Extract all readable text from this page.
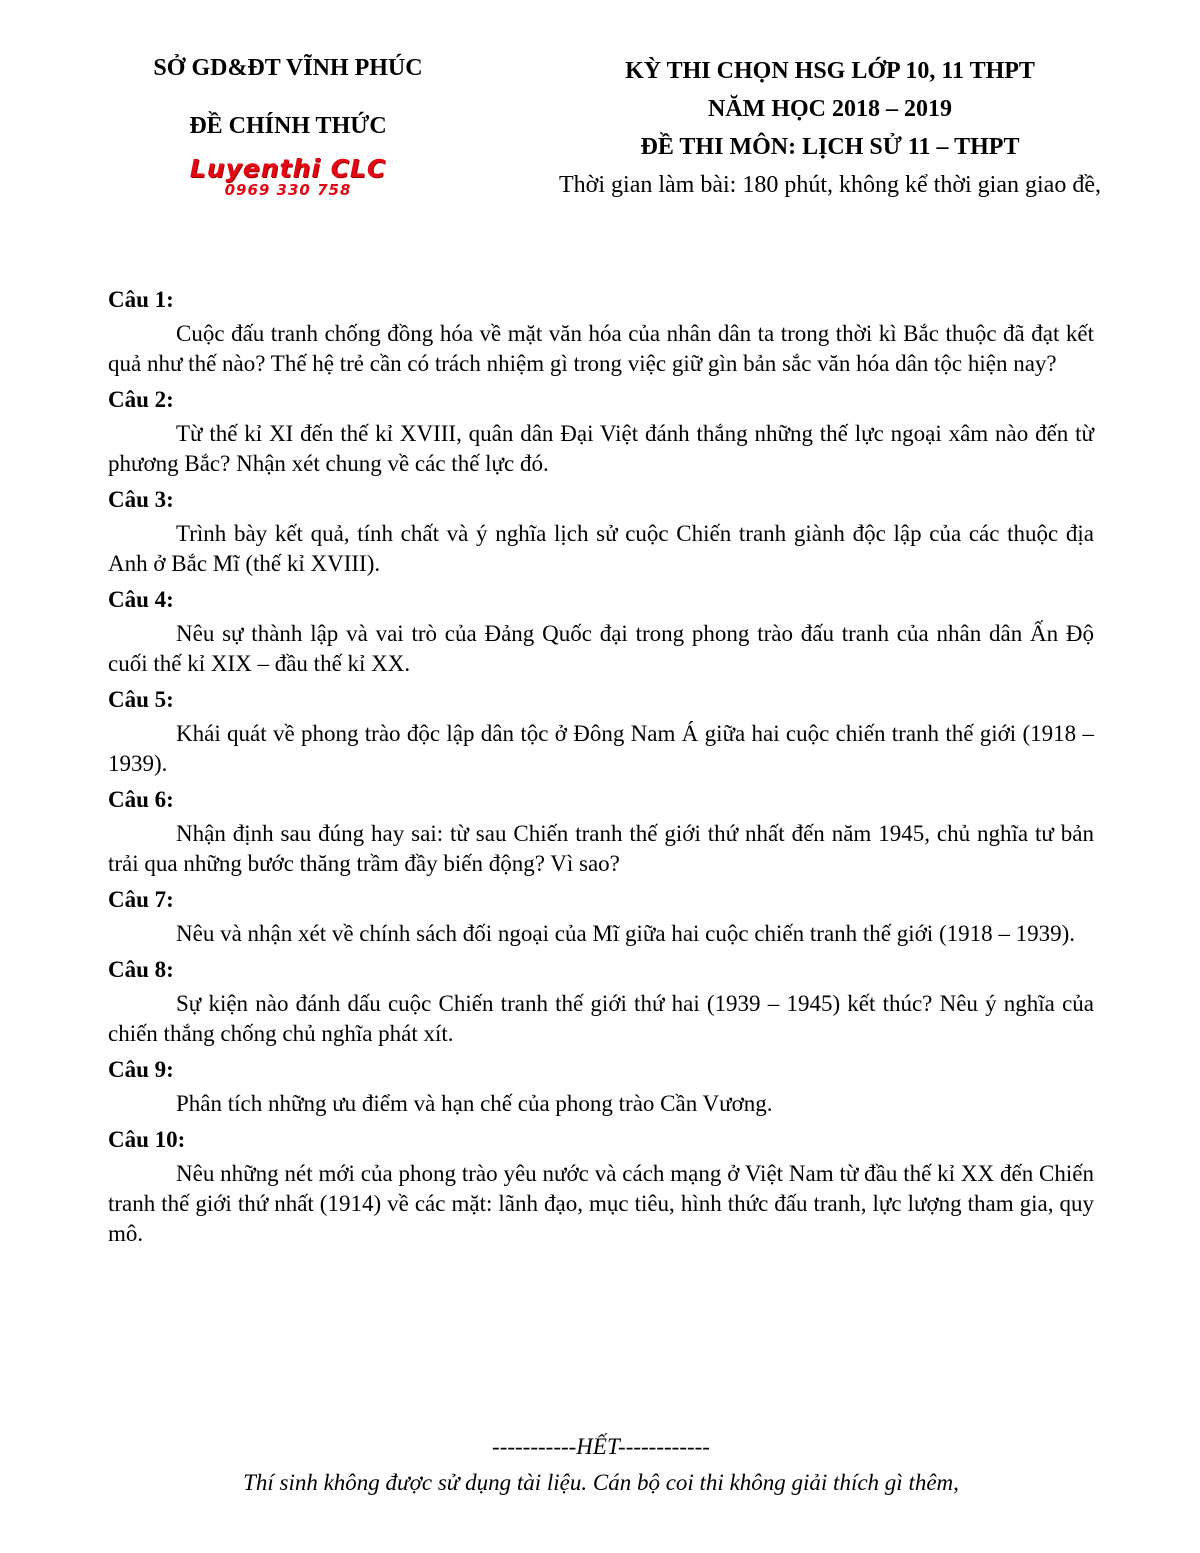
SỞ GD&ĐT VĨNH PHÚC
ĐỀ CHÍNH THỨC
Luyenthi CLC
0969 330 758
KỲ THI CHỌN HSG LỚP 10, 11 THPT
NĂM HỌC 2018 – 2019
ĐỀ THI MÔN: LỊCH SỬ 11 – THPT
Thời gian làm bài: 180 phút, không kể thời gian giao đề,
Câu 1:
Cuộc đấu tranh chống đồng hóa về mặt văn hóa của nhân dân ta trong thời kì Bắc thuộc đã đạt kết quả như thế nào? Thế hệ trẻ cần có trách nhiệm gì trong việc giữ gìn bản sắc văn hóa dân tộc hiện nay?
Câu 2:
Từ thế kỉ XI đến thế kỉ XVIII, quân dân Đại Việt đánh thắng những thế lực ngoại xâm nào đến từ phương Bắc? Nhận xét chung về các thế lực đó.
Câu 3:
Trình bày kết quả, tính chất và ý nghĩa lịch sử cuộc Chiến tranh giành độc lập của các thuộc địa Anh ở Bắc Mĩ (thế kỉ XVIII).
Câu 4:
Nêu sự thành lập và vai trò của Đảng Quốc đại trong phong trào đấu tranh của nhân dân Ấn Độ cuối thế kỉ XIX – đầu thế kỉ XX.
Câu 5:
Khái quát về phong trào độc lập dân tộc ở Đông Nam Á giữa hai cuộc chiến tranh thế giới (1918 – 1939).
Câu 6:
Nhận định sau đúng hay sai: từ sau Chiến tranh thế giới thứ nhất đến năm 1945, chủ nghĩa tư bản trải qua những bước thăng trầm đầy biến động? Vì sao?
Câu 7:
Nêu và nhận xét về chính sách đối ngoại của Mĩ giữa hai cuộc chiến tranh thế giới (1918 – 1939).
Câu 8:
Sự kiện nào đánh dấu cuộc Chiến tranh thế giới thứ hai (1939 – 1945) kết thúc? Nêu ý nghĩa của chiến thắng chống chủ nghĩa phát xít.
Câu 9:
Phân tích những ưu điểm và hạn chế của phong trào Cần Vương.
Câu 10:
Nêu những nét mới của phong trào yêu nước và cách mạng ở Việt Nam từ đầu thế kỉ XX đến Chiến tranh thế giới thứ nhất (1914) về các mặt: lãnh đạo, mục tiêu, hình thức đấu tranh, lực lượng tham gia, quy mô.
-----------HẾT------------
Thí sinh không được sử dụng tài liệu. Cán bộ coi thi không giải thích gì thêm,
